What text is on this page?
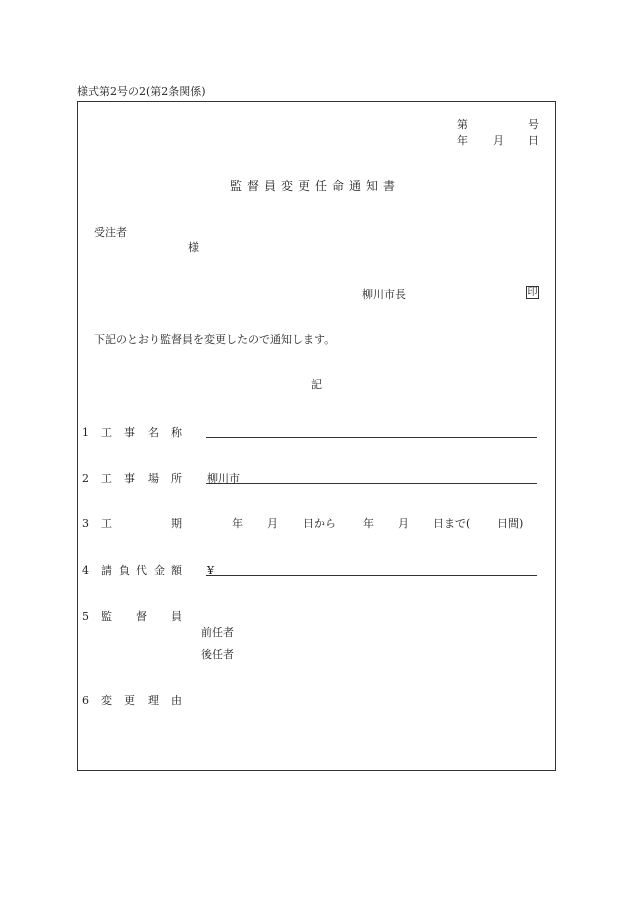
様式第2号の2(第2条関係)
第	号
年 月 日
監督員変更任命通知書
受注者
様
柳川市長	印
下記のとおり監督員を変更したので通知します。
記
1 工 事 名 称
2 工 事 場 所 柳川市
3 工	期	年 月 日から 年 月 日まで( 日間)
4 請 負 代 金 額 ¥
5 監 督 員
前任者
後任者
6 変 更 理 由
